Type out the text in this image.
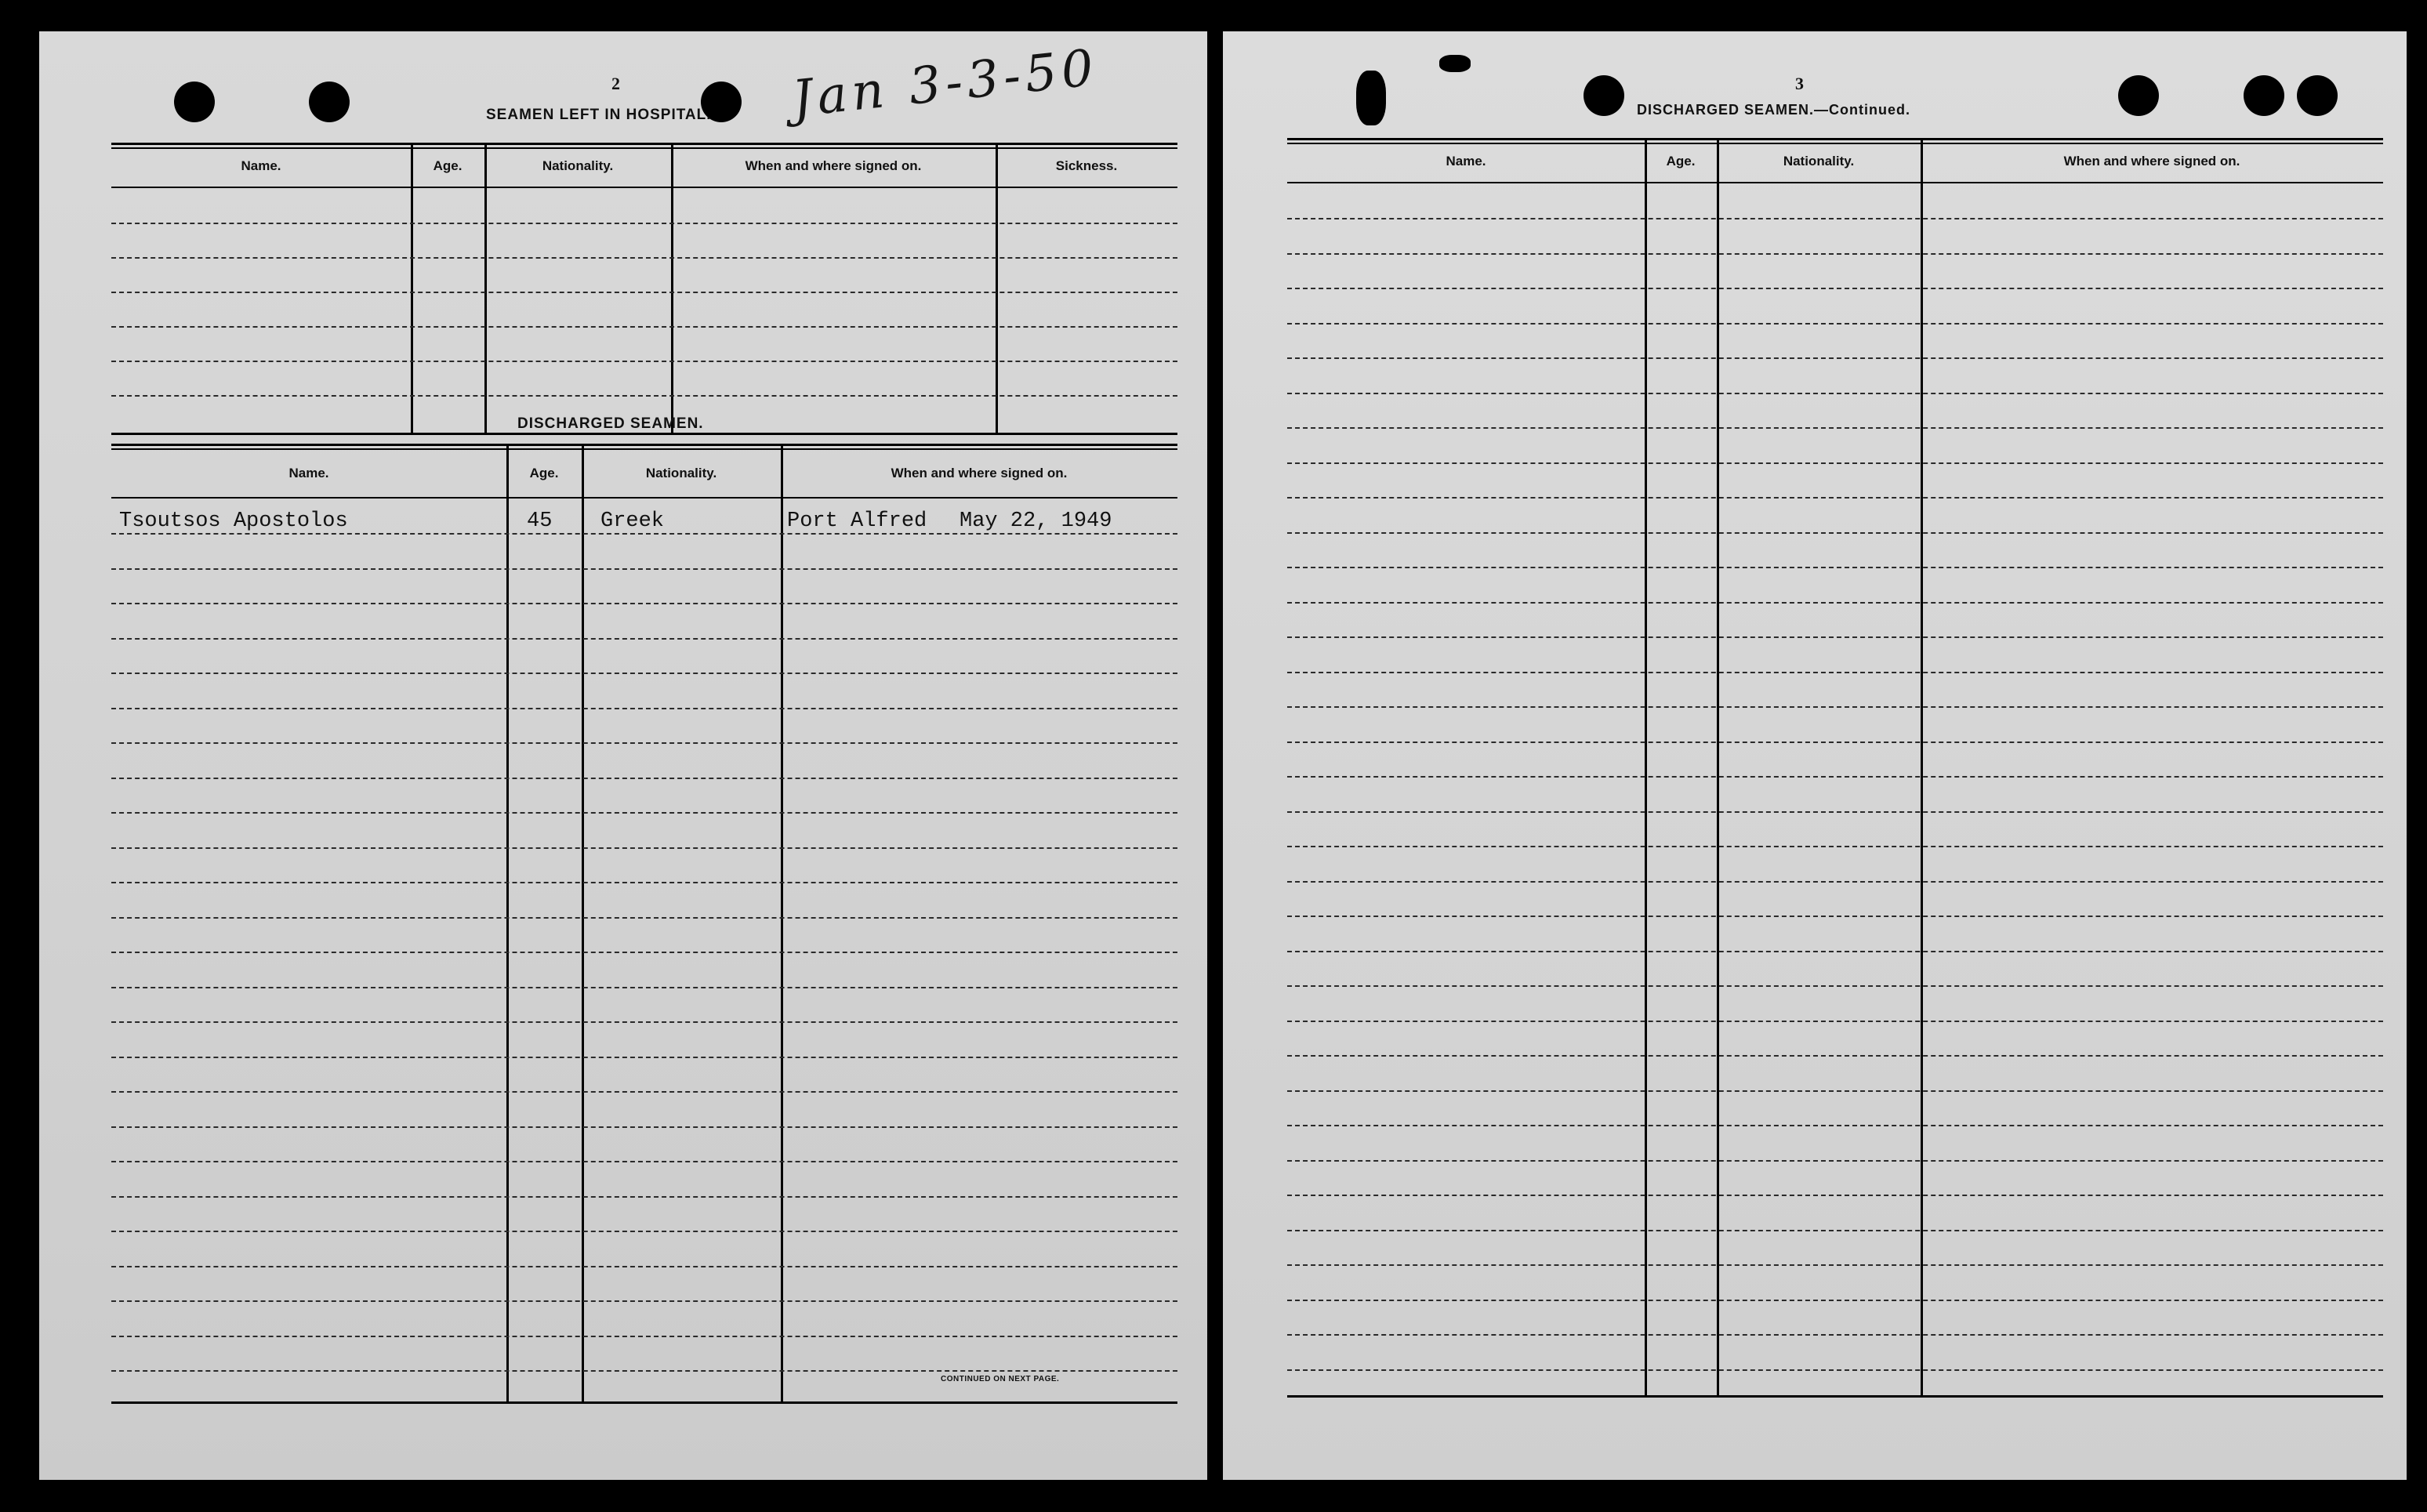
2	Jan 3-3-50
SEAMEN LEFT IN HOSPITAL.
Name.	Age.	Nationality.	When and where signed on.	Sickness.
DISCHARGED SEAMEN.
Name.	Age.	Nationality.	When and where signed on.
Tsoutsos Apostolos	45 Greek	Port Alfred May 22, 1949
CONTINUED ON NEXT PAGE.
3
DISCHARGED SEAMEN.—Continued.
Name.	Age.	Nationality.	When and where signed on.
